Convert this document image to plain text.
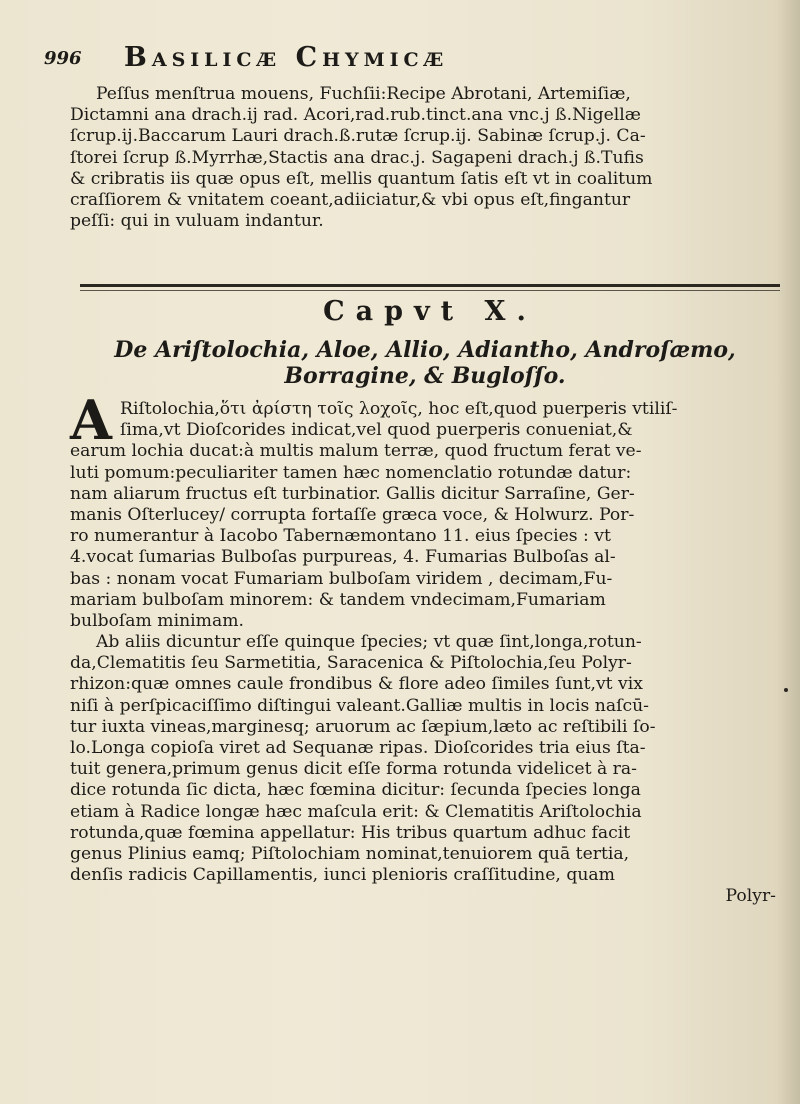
996 Basilicæ Chymicæ
Peſſus menſtrua mouens, Fuchſii:Recipe Abrotani, Artemiſiæ,
Dictamni ana drach.ij rad. Acori,rad.rub.tinct.ana vnc.j ß.Nigellæ
ſcrup.ij.Baccarum Lauri drach.ß.rutæ ſcrup.ij. Sabinæ ſcrup.j. Ca-
ſtorei ſcrup ß.Myrrhæ,Stactis ana drac.j. Sagapeni drach.j ß.Tufis
& cribratis iis quæ opus eſt, mellis quantum ſatis eſt vt in coalitum
craſſiorem & vnitatem coeant,adiiciatur,& vbi opus eſt,fingantur
peſſi: qui in vuluam indantur.
Capvt X.
De Ariſtolochia, Aloe, Allio, Adiantho, Androſæmo,
Borragine, & Bugloſſo.
A Riſtolochia,ὅτι ἀρίστη τοῖς λοχοῖς, hoc eſt,quod puerperis vtiliſ-
ſima,vt Dioſcorides indicat,vel quod puerperis conueniat,&
earum lochia ducat:à multis malum terræ, quod fructum ferat ve-
luti pomum:peculiariter tamen hæc nomenclatio rotundæ datur:
nam aliarum fructus eſt turbinatior. Gallis dicitur Sarraſine, Ger-
manis Oſterlucey/ corrupta fortaſſe græca voce, & Holwurz. Por-
ro numerantur à Iacobo Tabernæmontano 11. eius ſpecies : vt
4.vocat ſumarias Bulboſas purpureas, 4. Fumarias Bulboſas al-
bas : nonam vocat Fumariam bulboſam viridem , decimam,Fu-
mariam bulboſam minorem: & tandem vndecimam,Fumariam
bulboſam minimam.
Ab aliis dicuntur eſſe quinque ſpecies; vt quæ ſint,longa,rotun-
da,Clematitis ſeu Sarmetitia, Saracenica & Piſtolochia,ſeu Polyr-
rhizon:quæ omnes caule frondibus & flore adeo ſimiles ſunt,vt vix
niſi à perſpicaciſſimo diſtingui valeant.Galliæ multis in locis naſcū-
tur iuxta vineas,marginesq; aruorum ac ſæpium,læto ac reſtibili ſo-
lo.Longa copioſa viret ad Sequanæ ripas. Dioſcorides tria eius ſta-
tuit genera,primum genus dicit eſſe forma rotunda videlicet à ra-
dice rotunda ſic dicta, hæc fœmina dicitur: ſecunda ſpecies longa
etiam à Radice longæ hæc maſcula erit: & Clematitis Ariſtolochia
rotunda,quæ fœmina appellatur: His tribus quartum adhuc facit
genus Plinius eamq; Piſtolochiam nominat,tenuiorem quā tertia,
denſis radicis Capillamentis, iunci plenioris craſſitudine, quam
Polyr-
